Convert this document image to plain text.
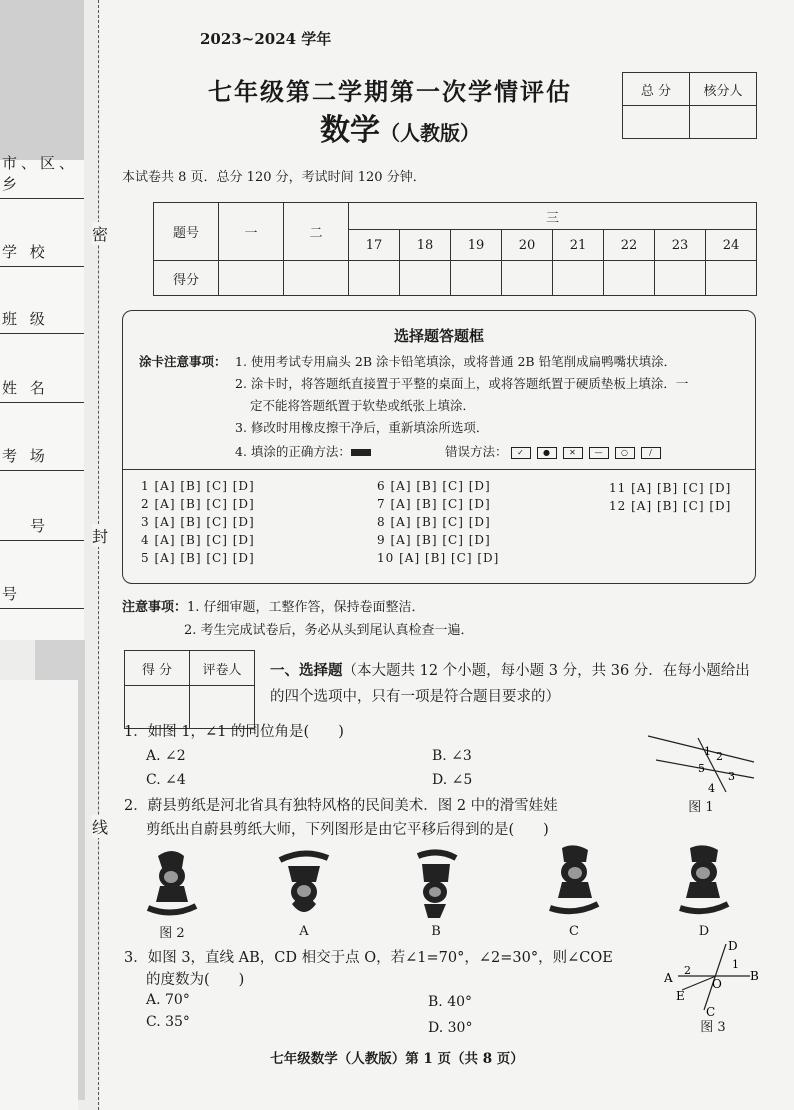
市、区、乡
学 校
班 级
姓 名
考 场
号
号
密
封
线
2023~2024 学年
七年级第二学期第一次学情评估
数学（人教版）
总 分	核分人

本试卷共 8 页．总分 120 分，考试时间 120 分钟．
题号	一	二	三							
			17	18	19	20	21	22	23	24
得分										
选择题答题框
涂卡注意事项： 1. 使用考试专用扁头 2B 涂卡铅笔填涂，或将普通 2B 铅笔削成扁鸭嘴状填涂．
2. 涂卡时，将答题纸直接置于平整的桌面上，或将答题纸置于硬质垫板上填涂．一
定不能将答题纸置于软垫或纸张上填涂．
3. 修改时用橡皮擦干净后，重新填涂所选项．
4. 填涂的正确方法：	错误方法： ✓ ● ✕ — ○	∕
1 [A] [B] [C] [D]
2 [A] [B] [C] [D]
3 [A] [B] [C] [D]
4 [A] [B] [C] [D]
5 [A] [B] [C] [D]
6 [A] [B] [C] [D]
7 [A] [B] [C] [D]
8 [A] [B] [C] [D]
9 [A] [B] [C] [D]
10 [A] [B] [C] [D]
11 [A] [B] [C] [D]
12 [A] [B] [C] [D]
注意事项：1. 仔细审题，工整作答，保持卷面整洁．
2. 考生完成试卷后，务必从头到尾认真检查一遍．
得 分	评卷人
	一、选择题（本大题共 12 个小题，每小题 3 分，共 36 分．在每小题给出的四个选项中，只有一项是符合题目要求的）
1．如图 1，∠1 的同位角是(　　)
A. ∠2	B. ∠3
C. ∠4	D. ∠5
1 2
5
3
4
图 1
2．蔚县剪纸是河北省具有独特风格的民间美术．图 2 中的滑雪娃娃
剪纸出自蔚县剪纸大师，下列图形是由它平移后得到的是(　　)
图 2	A	B	C	D
3．如图 3，直线 AB，CD 相交于点 O，若∠1=70°，∠2=30°，则∠COE
的度数为(　　)
A. 70°	B. 40°
C. 35°	D. 30°
D
1
B
A
2
O
E
C
图 3
七年级数学（人教版）第 1 页（共 8 页）
